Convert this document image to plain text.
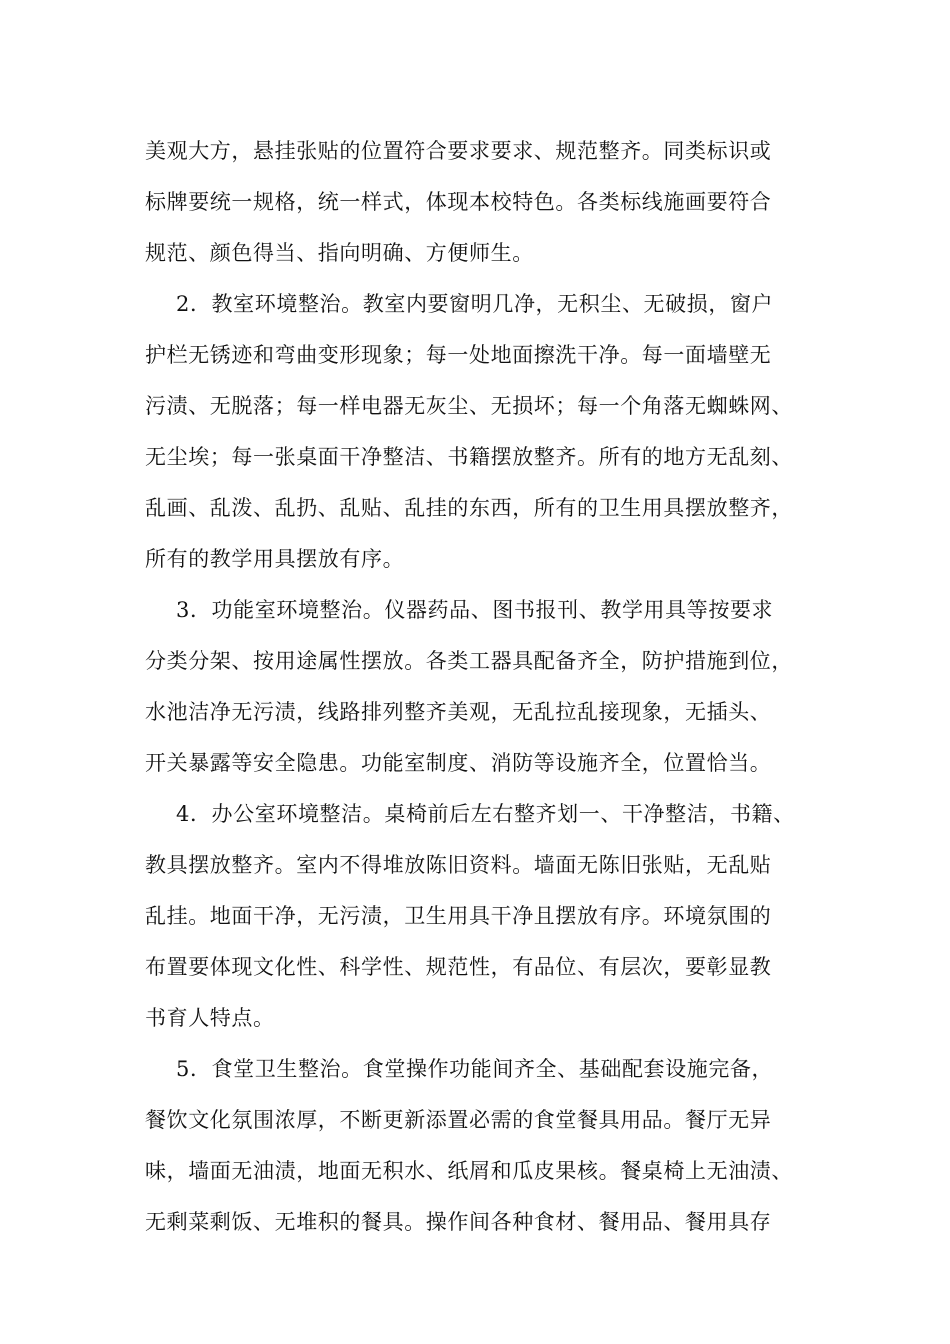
美观大方，悬挂张贴的位置符合要求要求、规范整齐。同类标识或
标牌要统一规格，统一样式，体现本校特色。各类标线施画要符合
规范、颜色得当、指向明确、方便师生。
2．教室环境整治。教室内要窗明几净，无积尘、无破损，窗户
护栏无锈迹和弯曲变形现象；每一处地面擦洗干净。每一面墙壁无
污渍、无脱落；每一样电器无灰尘、无损坏；每一个角落无蜘蛛网、
无尘埃；每一张桌面干净整洁、书籍摆放整齐。所有的地方无乱刻、
乱画、乱泼、乱扔、乱贴、乱挂的东西，所有的卫生用具摆放整齐，
所有的教学用具摆放有序。
3．功能室环境整治。仪器药品、图书报刊、教学用具等按要求
分类分架、按用途属性摆放。各类工器具配备齐全，防护措施到位，
水池洁净无污渍，线路排列整齐美观，无乱拉乱接现象，无插头、
开关暴露等安全隐患。功能室制度、消防等设施齐全，位置恰当。
4．办公室环境整洁。桌椅前后左右整齐划一、干净整洁，书籍、
教具摆放整齐。室内不得堆放陈旧资料。墙面无陈旧张贴，无乱贴
乱挂。地面干净，无污渍，卫生用具干净且摆放有序。环境氛围的
布置要体现文化性、科学性、规范性，有品位、有层次，要彰显教
书育人特点。
5．食堂卫生整治。食堂操作功能间齐全、基础配套设施完备，
餐饮文化氛围浓厚，不断更新添置必需的食堂餐具用品。餐厅无异
味，墙面无油渍，地面无积水、纸屑和瓜皮果核。餐桌椅上无油渍、
无剩菜剩饭、无堆积的餐具。操作间各种食材、餐用品、餐用具存
